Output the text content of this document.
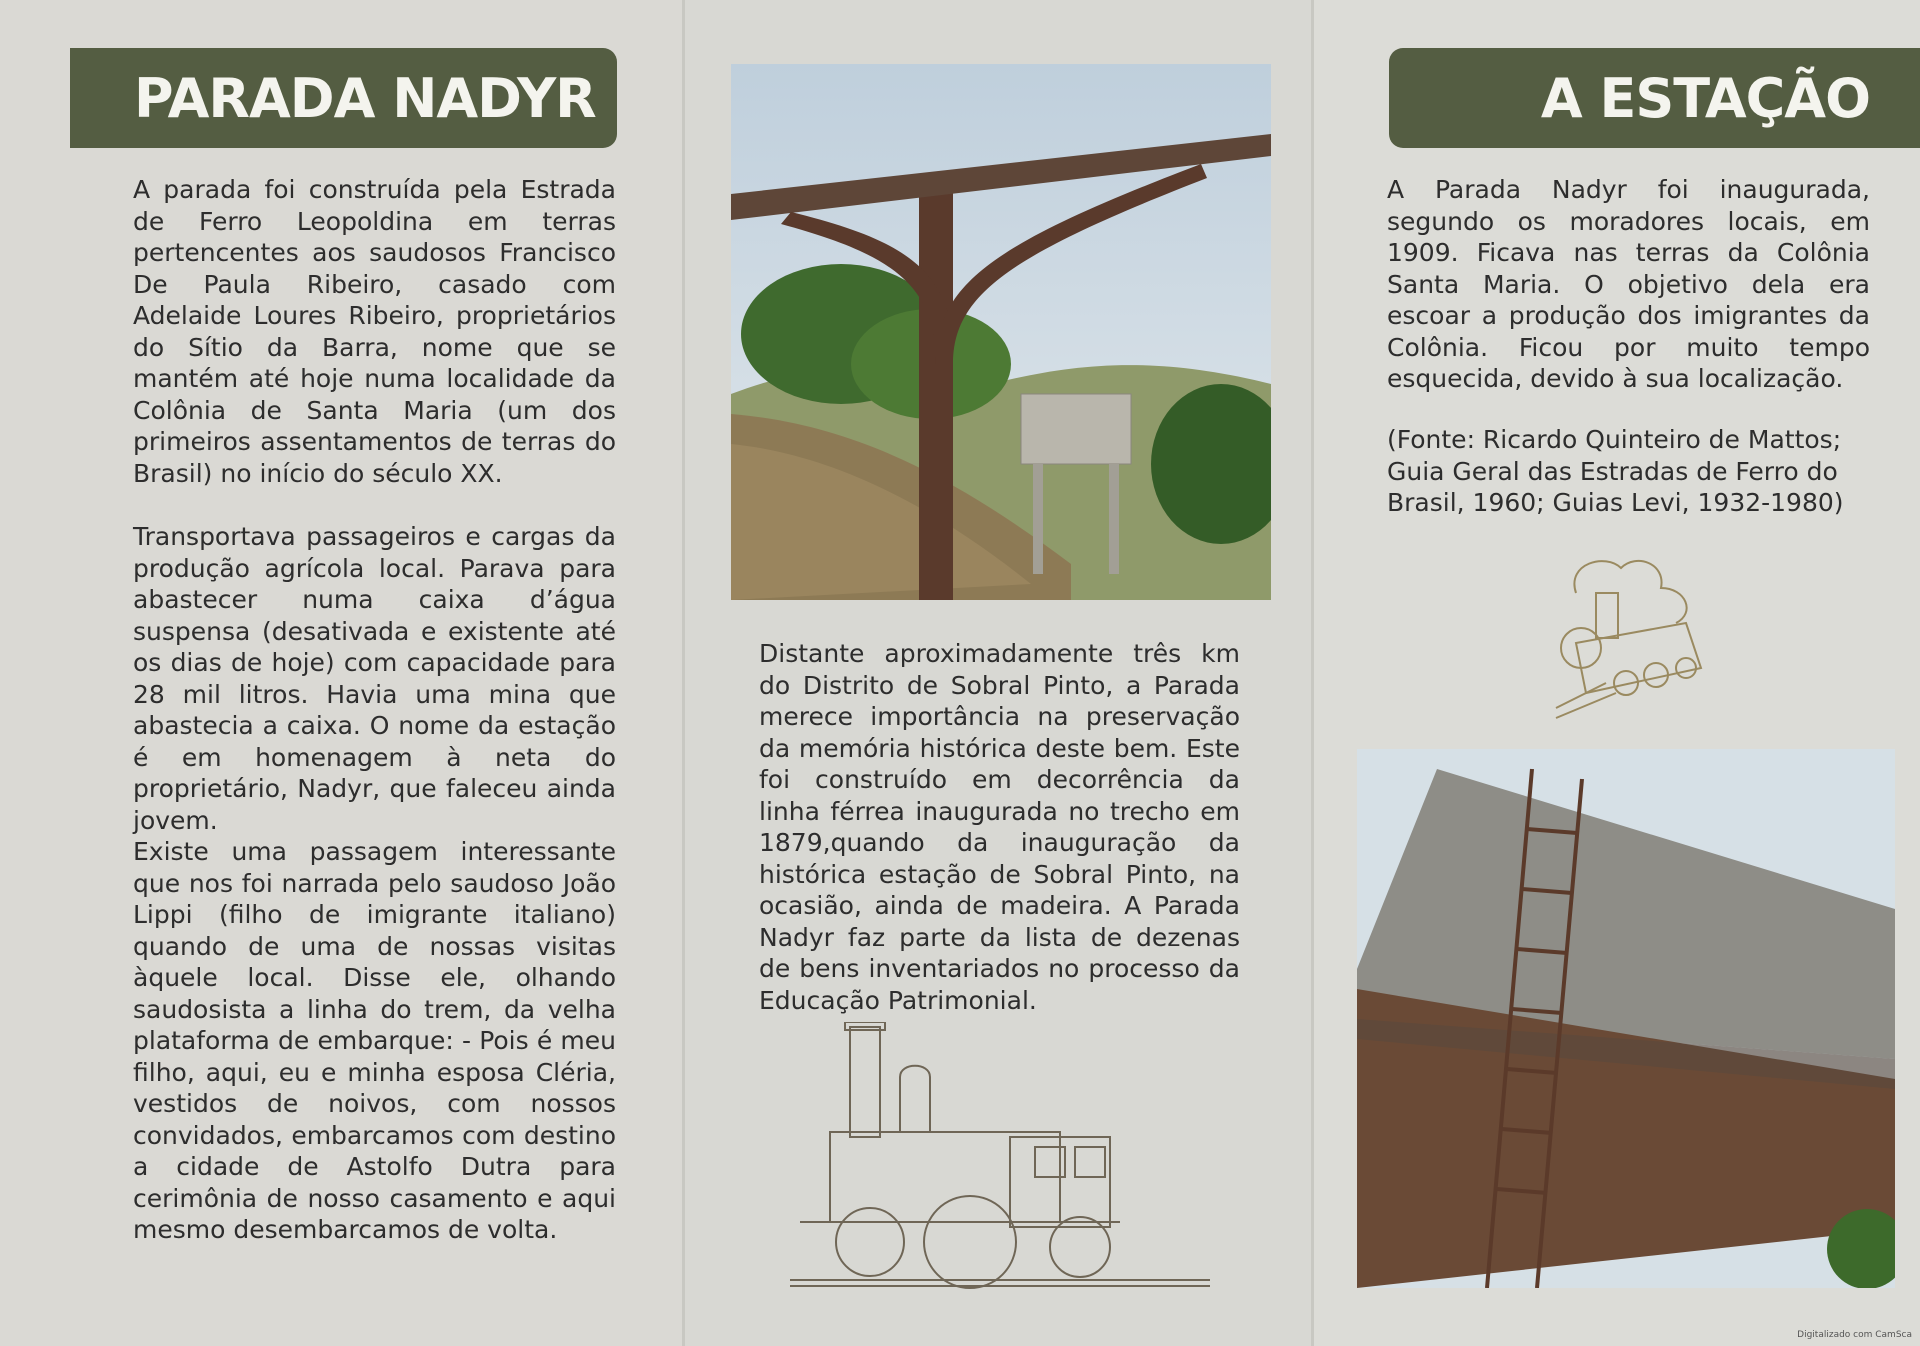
PARADA NADYR

A parada foi construída pela Estrada de Ferro Leopoldina em terras pertencentes aos saudosos Francisco De Paula Ribeiro, casado com Adelaide Loures Ribeiro, proprietários do Sítio da Barra, nome que se mantém até hoje numa localidade da Colônia de Santa Maria (um dos primeiros assentamentos de terras do Brasil) no início do século XX.

Transportava passageiros e cargas da produção agrícola local. Parava para abastecer numa caixa d’água suspensa (desativada e existente até os dias de hoje) com capacidade para 28 mil litros. Havia uma mina que abastecia a caixa. O nome da estação é em homenagem à neta do proprietário, Nadyr, que faleceu ainda jovem.

Existe uma passagem interessante que nos foi narrada pelo saudoso João Lippi (filho de imigrante italiano) quando de uma de nossas visitas àquele local. Disse ele, olhando saudosista a linha do trem, da velha plataforma de embarque: - Pois é meu filho, aqui, eu e minha esposa Cléria, vestidos de noivos, com nossos convidados, embarcamos com destino a cidade de Astolfo Dutra para cerimônia de nosso casamento e aqui mesmo desembarcamos de volta.

Distante aproximadamente três km do Distrito de Sobral Pinto, a Parada merece importância na preservação da memória histórica deste bem. Este foi construído em decorrência da linha férrea inaugurada no trecho em 1879,quando da inauguração da histórica estação de Sobral Pinto, na ocasião, ainda de madeira. A Parada Nadyr faz parte da lista de dezenas de bens inventariados no processo da Educação Patrimonial.

A ESTAÇÃO

A Parada Nadyr foi inaugurada, segundo os moradores locais, em 1909. Ficava nas terras da Colônia Santa Maria. O objetivo dela era escoar a produção dos imigrantes da Colônia. Ficou por muito tempo esquecida, devido à sua localização.

(Fonte: Ricardo Quinteiro de Mattos; Guia Geral das Estradas de Ferro do Brasil, 1960; Guias Levi, 1932-1980)

Digitalizado com CamSca
